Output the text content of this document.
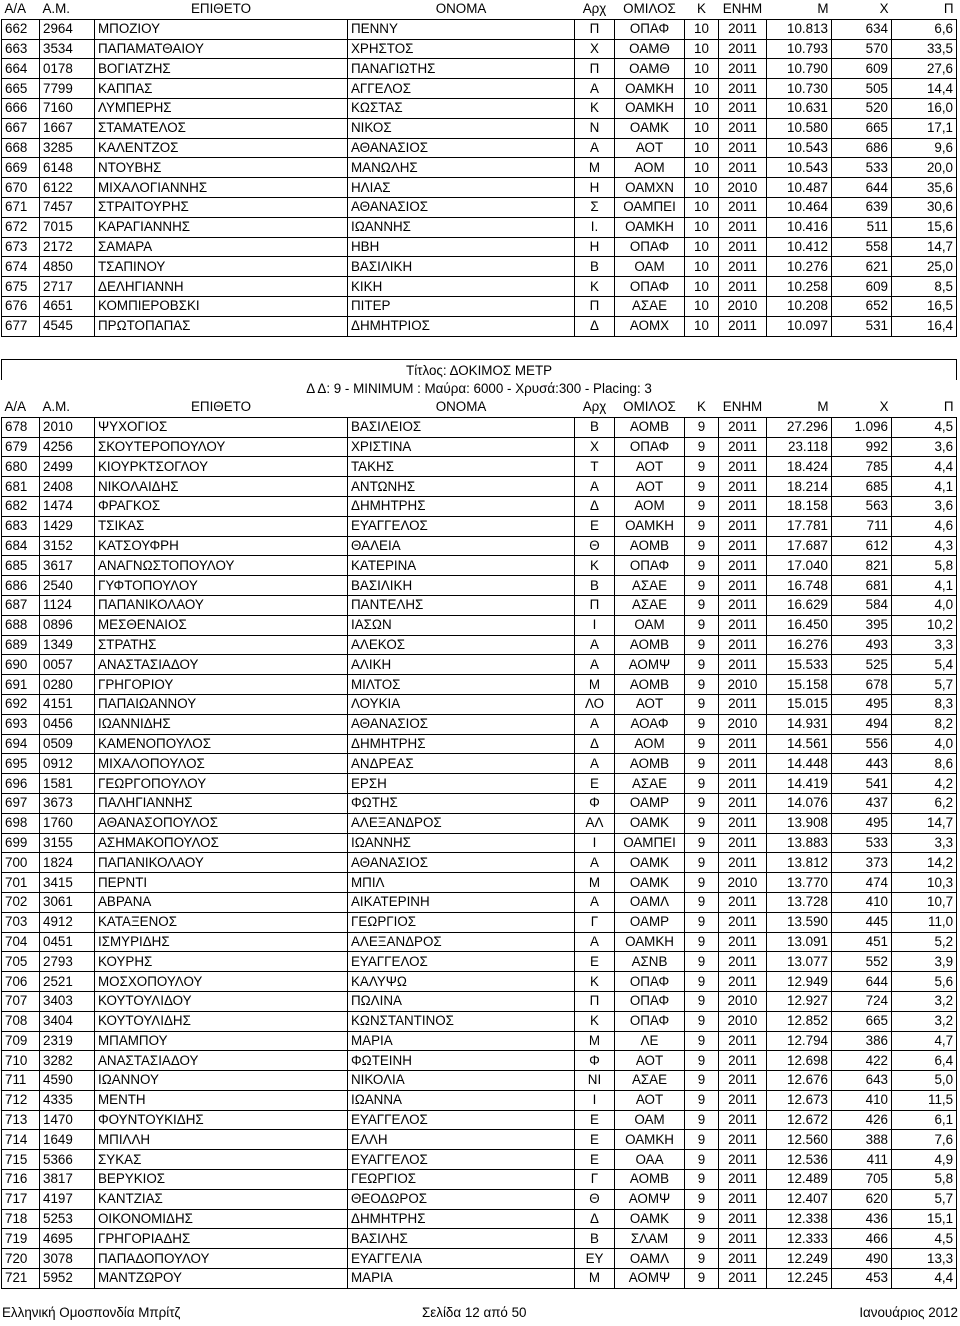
Α/Α	Α.Μ.	ΕΠΙΘΕΤΟ	ΟΝΟΜΑ	Αρχ	ΟΜΙΛΟΣ	Κ	ΕΝΗΜ	Μ	Χ	Π
662	2964	ΜΠΟΖΙΟΥ	ΠΕΝΝΥ	Π	ΟΠΑΦ	10	2011	10.813	634	6,6
663	3534	ΠΑΠΑΜΑΤΘΑΙΟΥ	ΧΡΗΣΤΟΣ	Χ	ΟΑΜΘ	10	2011	10.793	570	33,5
664	0178	ΒΟΓΙΑΤΖΗΣ	ΠΑΝΑΓΙΩΤΗΣ	Π	ΟΑΜΘ	10	2011	10.790	609	27,6
665	7799	ΚΑΠΠΑΣ	ΑΓΓΕΛΟΣ	Α	ΟΑΜΚΗ	10	2011	10.730	505	14,4
666	7160	ΛΥΜΠΕΡΗΣ	ΚΩΣΤΑΣ	Κ	ΟΑΜΚΗ	10	2011	10.631	520	16,0
667	1667	ΣΤΑΜΑΤΕΛΟΣ	ΝΙΚΟΣ	Ν	ΟΑΜΚ	10	2011	10.580	665	17,1
668	3285	ΚΑΛΕΝΤΖΟΣ	ΑΘΑΝΑΣΙΟΣ	Α	ΑΟΤ	10	2011	10.543	686	9,6
669	6148	ΝΤΟΥΒΗΣ	ΜΑΝΩΛΗΣ	Μ	ΑΟΜ	10	2011	10.543	533	20,0
670	6122	ΜΙΧΑΛΟΓΙΑΝΝΗΣ	ΗΛΙΑΣ	Η	ΟΑΜΧΝ	10	2010	10.487	644	35,6
671	7457	ΣΤΡΑΙΤΟΥΡΗΣ	ΑΘΑΝΑΣΙΟΣ	Σ	ΟΑΜΠΕΙ	10	2011	10.464	639	30,6
672	7015	ΚΑΡΑΓΙΑΝΝΗΣ	ΙΩΑΝΝΗΣ	Ι.	ΟΑΜΚΗ	10	2011	10.416	511	15,6
673	2172	ΣΑΜΑΡΑ	ΗΒΗ	Η	ΟΠΑΦ	10	2011	10.412	558	14,7
674	4850	ΤΣΑΠΙΝΟΥ	ΒΑΣΙΛΙΚΗ	Β	ΟΑΜ	10	2011	10.276	621	25,0
675	2717	ΔΕΛΗΓΙΑΝΝΗ	ΚΙΚΗ	Κ	ΟΠΑΦ	10	2011	10.258	609	8,5
676	4651	ΚΟΜΠΙΕΡΟΒΣΚΙ	ΠΙΤΕΡ	Π	ΑΣΑΕ	10	2010	10.208	652	16,5
677	4545	ΠΡΩΤΟΠΑΠΑΣ	ΔΗΜΗΤΡΙΟΣ	Δ	ΑΟΜΧ	10	2011	10.097	531	16,4
Τίτλος: ΔΟΚΙΜΟΣ ΜΕΤΡ										
Δ Δ: 9 - MINIMUM : Μαύρα: 6000 - Χρυσά:300 - Placing: 3										
Α/Α	Α.Μ.	ΕΠΙΘΕΤΟ	ΟΝΟΜΑ	Αρχ	ΟΜΙΛΟΣ	Κ	ΕΝΗΜ	Μ	Χ	Π
678	2010	ΨΥΧΟΓΙΟΣ	ΒΑΣΙΛΕΙΟΣ	Β	ΑΟΜΒ	9	2011	27.296	1.096	4,5
679	4256	ΣΚΟΥΤΕΡΟΠΟΥΛΟΥ	ΧΡΙΣΤΙΝΑ	Χ	ΟΠΑΦ	9	2011	23.118	992	3,6
680	2499	ΚΙΟΥΡΚΤΣΟΓΛΟΥ	ΤΑΚΗΣ	Τ	ΑΟΤ	9	2011	18.424	785	4,4
681	2408	ΝΙΚΟΛΑΙΔΗΣ	ΑΝΤΩΝΗΣ	Α	ΑΟΤ	9	2011	18.214	685	4,1
682	1474	ΦΡΑΓΚΟΣ	ΔΗΜΗΤΡΗΣ	Δ	ΑΟΜ	9	2011	18.158	563	3,6
683	1429	ΤΣΙΚΑΣ	ΕΥΑΓΓΕΛΟΣ	Ε	ΟΑΜΚΗ	9	2011	17.781	711	4,6
684	3152	ΚΑΤΣΟΥΦΡΗ	ΘΑΛΕΙΑ	Θ	ΑΟΜΒ	9	2011	17.687	612	4,3
685	3617	ΑΝΑΓΝΩΣΤΟΠΟΥΛΟΥ	ΚΑΤΕΡΙΝΑ	Κ	ΟΠΑΦ	9	2011	17.040	821	5,8
686	2540	ΓΥΦΤΟΠΟΥΛΟΥ	ΒΑΣΙΛΙΚΗ	Β	ΑΣΑΕ	9	2011	16.748	681	4,1
687	1124	ΠΑΠΑΝΙΚΟΛΑΟΥ	ΠΑΝΤΕΛΗΣ	Π	ΑΣΑΕ	9	2011	16.629	584	4,0
688	0896	ΜΕΣΘΕΝΑΙΟΣ	ΙΑΣΩΝ	Ι	ΟΑΜ	9	2011	16.450	395	10,2
689	1349	ΣΤΡΑΤΗΣ	ΑΛΕΚΟΣ	Α	ΑΟΜΒ	9	2011	16.276	493	3,3
690	0057	ΑΝΑΣΤΑΣΙΑΔΟΥ	ΑΛΙΚΗ	Α	ΑΟΜΨ	9	2011	15.533	525	5,4
691	0280	ΓΡΗΓΟΡΙΟΥ	ΜΙΛΤΟΣ	Μ	ΑΟΜΒ	9	2010	15.158	678	5,7
692	4151	ΠΑΠΑΙΩΑΝΝΟΥ	ΛΟΥΚΙΑ	ΛΟ	ΑΟΤ	9	2011	15.015	495	8,3
693	0456	ΙΩΑΝΝΙΔΗΣ	ΑΘΑΝΑΣΙΟΣ	Α	ΑΟΑΦ	9	2010	14.931	494	8,2
694	0509	ΚΑΜΕΝΟΠΟΥΛΟΣ	ΔΗΜΗΤΡΗΣ	Δ	ΑΟΜ	9	2011	14.561	556	4,0
695	0912	ΜΙΧΑΛΟΠΟΥΛΟΣ	ΑΝΔΡΕΑΣ	Α	ΑΟΜΒ	9	2011	14.448	443	8,6
696	1581	ΓΕΩΡΓΟΠΟΥΛΟΥ	ΕΡΣΗ	Ε	ΑΣΑΕ	9	2011	14.419	541	4,2
697	3673	ΠΑΛΗΓΙΑΝΝΗΣ	ΦΩΤΗΣ	Φ	ΟΑΜΡ	9	2011	14.076	437	6,2
698	1760	ΑΘΑΝΑΣΟΠΟΥΛΟΣ	ΑΛΕΞΑΝΔΡΟΣ	ΑΛ	ΟΑΜΚ	9	2011	13.908	495	14,7
699	3155	ΑΣΗΜΑΚΟΠΟΥΛΟΣ	ΙΩΑΝΝΗΣ	Ι	ΟΑΜΠΕΙ	9	2011	13.883	533	3,3
700	1824	ΠΑΠΑΝΙΚΟΛΑΟΥ	ΑΘΑΝΑΣΙΟΣ	Α	ΟΑΜΚ	9	2011	13.812	373	14,2
701	3415	ΠΕΡΝΤΙ	ΜΠΙΛ	Μ	ΟΑΜΚ	9	2010	13.770	474	10,3
702	3061	ΑΒΡΑΝΑ	ΑΙΚΑΤΕΡΙΝΗ	Α	ΟΑΜΛ	9	2011	13.728	410	10,7
703	4912	ΚΑΤΑΞΕΝΟΣ	ΓΕΩΡΓΙΟΣ	Γ	ΟΑΜΡ	9	2011	13.590	445	11,0
704	0451	ΙΣΜΥΡΙΔΗΣ	ΑΛΕΞΑΝΔΡΟΣ	Α	ΟΑΜΚΗ	9	2011	13.091	451	5,2
705	2793	ΚΟΥΡΗΣ	ΕΥΑΓΓΕΛΟΣ	Ε	ΑΣΝΒ	9	2011	13.077	552	3,9
706	2521	ΜΟΣΧΟΠΟΥΛΟΥ	ΚΑΛΥΨΩ	Κ	ΟΠΑΦ	9	2011	12.949	644	5,6
707	3403	ΚΟΥΤΟΥΛΙΔΟΥ	ΠΩΛΙΝΑ	Π	ΟΠΑΦ	9	2010	12.927	724	3,2
708	3404	ΚΟΥΤΟΥΛΙΔΗΣ	ΚΩΝΣΤΑΝΤΙΝΟΣ	Κ	ΟΠΑΦ	9	2010	12.852	665	3,2
709	2319	ΜΠΑΜΠΟΥ	ΜΑΡΙΑ	Μ	ΛΕ	9	2011	12.794	386	4,7
710	3282	ΑΝΑΣΤΑΣΙΑΔΟΥ	ΦΩΤΕΙΝΗ	Φ	ΑΟΤ	9	2011	12.698	422	6,4
711	4590	ΙΩΑΝΝΟΥ	ΝΙΚΟΛΙΑ	ΝΙ	ΑΣΑΕ	9	2011	12.676	643	5,0
712	4335	ΜΕΝΤΗ	ΙΩΑΝΝΑ	Ι	ΑΟΤ	9	2011	12.673	410	11,5
713	1470	ΦΟΥΝΤΟΥΚΙΔΗΣ	ΕΥΑΓΓΕΛΟΣ	Ε	ΟΑΜ	9	2011	12.672	426	6,1
714	1649	ΜΠΙΛΛΗ	ΕΛΛΗ	Ε	ΟΑΜΚΗ	9	2011	12.560	388	7,6
715	5366	ΣΥΚΑΣ	ΕΥΑΓΓΕΛΟΣ	Ε	ΟΑΑ	9	2011	12.536	411	4,9
716	3817	ΒΕΡΥΚΙΟΣ	ΓΕΩΡΓΙΟΣ	Γ	ΑΟΜΒ	9	2011	12.489	705	5,8
717	4197	ΚΑΝΤΖΙΑΣ	ΘΕΟΔΩΡΟΣ	Θ	ΑΟΜΨ	9	2011	12.407	620	5,7
718	5253	ΟΙΚΟΝΟΜΙΔΗΣ	ΔΗΜΗΤΡΗΣ	Δ	ΟΑΜΚ	9	2011	12.338	436	15,1
719	4695	ΓΡΗΓΟΡΙΑΔΗΣ	ΒΑΣΙΛΗΣ	Β	ΣΛΑΜ	9	2011	12.333	466	4,5
720	3078	ΠΑΠΑΔΟΠΟΥΛΟΥ	ΕΥΑΓΓΕΛΙΑ	ΕΥ	ΟΑΜΛ	9	2011	12.249	490	13,3
721	5952	ΜΑΝΤΖΩΡΟΥ	ΜΑΡΙΑ	Μ	ΑΟΜΨ	9	2011	12.245	453	4,4
Ελληνική Ομοσπονδία Μπρίτζ	Σελίδα 12 από 50	Ιανουάριος 2012
